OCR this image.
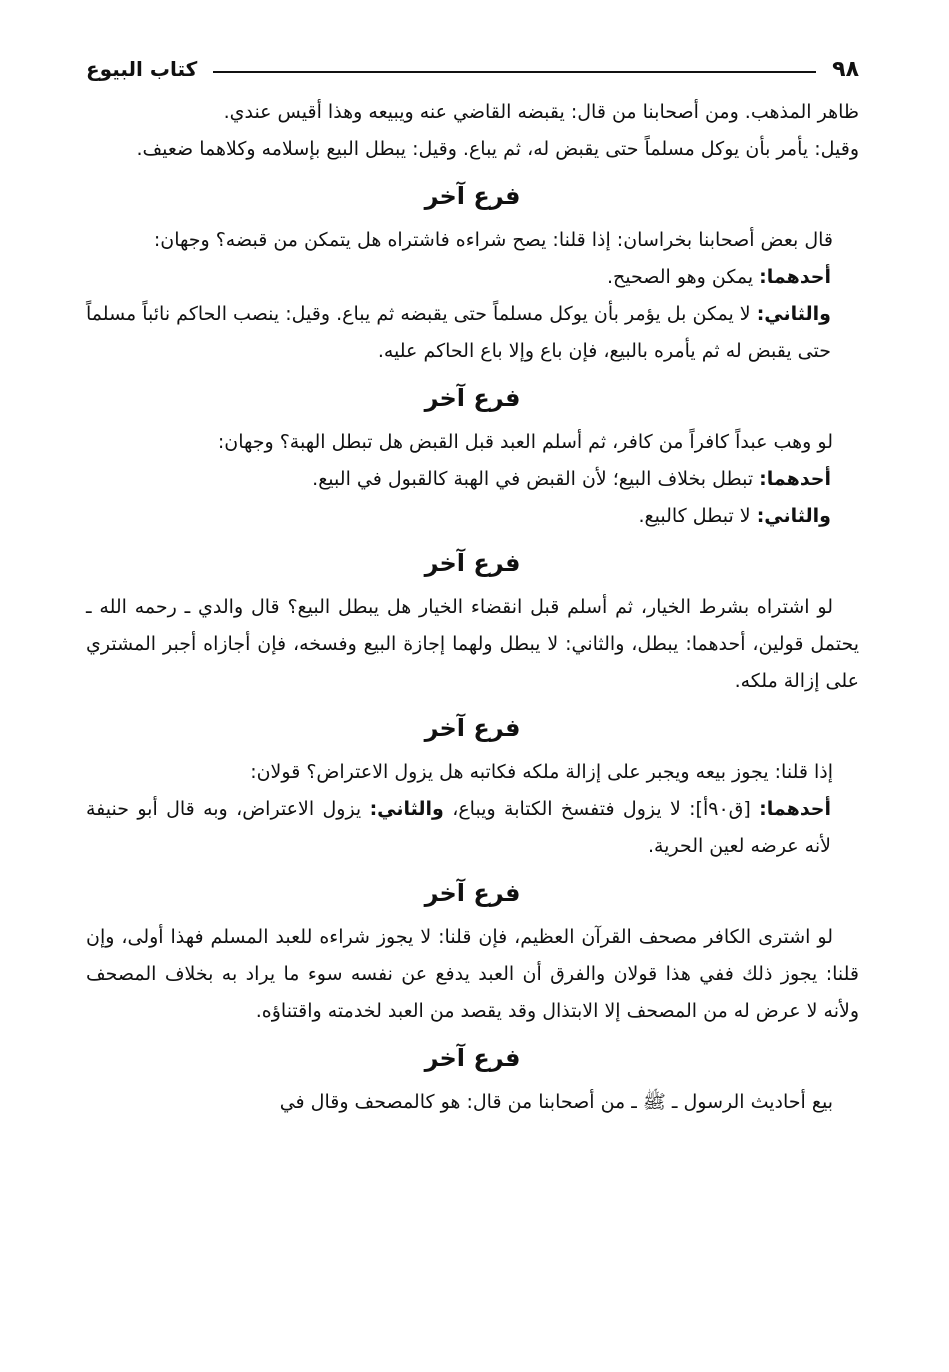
٩٨
كتاب البيوع

ظاهر المذهب. ومن أصحابنا من قال: يقبضه القاضي عنه ويبيعه وهذا أقيس عندي.

وقيل: يأمر بأن يوكل مسلماً حتى يقبض له، ثم يباع. وقيل: يبطل البيع بإسلامه وكلاهما ضعيف.

فرع آخر

قال بعض أصحابنا بخراسان: إذا قلنا: يصح شراءه فاشتراه هل يتمكن من قبضه؟ وجهان:

أحدهما: يمكن وهو الصحيح.

والثاني: لا يمكن بل يؤمر بأن يوكل مسلماً حتى يقبضه ثم يباع. وقيل: ينصب الحاكم نائباً مسلماً حتى يقبض له ثم يأمره بالبيع، فإن باع وإلا باع الحاكم عليه.

فرع آخر

لو وهب عبداً كافراً من كافر، ثم أسلم العبد قبل القبض هل تبطل الهبة؟ وجهان:

أحدهما: تبطل بخلاف البيع؛ لأن القبض في الهبة كالقبول في البيع.

والثاني: لا تبطل كالبيع.

فرع آخر

لو اشتراه بشرط الخيار، ثم أسلم قبل انقضاء الخيار هل يبطل البيع؟ قال والدي ـ رحمه الله ـ يحتمل قولين، أحدهما: يبطل، والثاني: لا يبطل ولهما إجازة البيع وفسخه، فإن أجازاه أجبر المشتري على إزالة ملكه.

فرع آخر

إذا قلنا: يجوز بيعه ويجبر على إزالة ملكه فكاتبه هل يزول الاعتراض؟ قولان:

أحدهما: [ق٩٠أ]: لا يزول فتفسخ الكتابة ويباع، والثاني: يزول الاعتراض، وبه قال أبو حنيفة لأنه عرضه لعين الحرية.

فرع آخر

لو اشترى الكافر مصحف القرآن العظيم، فإن قلنا: لا يجوز شراءه للعبد المسلم فهذا أولى، وإن قلنا: يجوز ذلك ففي هذا قولان والفرق أن العبد يدفع عن نفسه سوء ما يراد به بخلاف المصحف ولأنه لا عرض له من المصحف إلا الابتذال وقد يقصد من العبد لخدمته واقتناؤه.

فرع آخر

بيع أحاديث الرسول ـ ﷺ ـ من أصحابنا من قال: هو كالمصحف وقال في
